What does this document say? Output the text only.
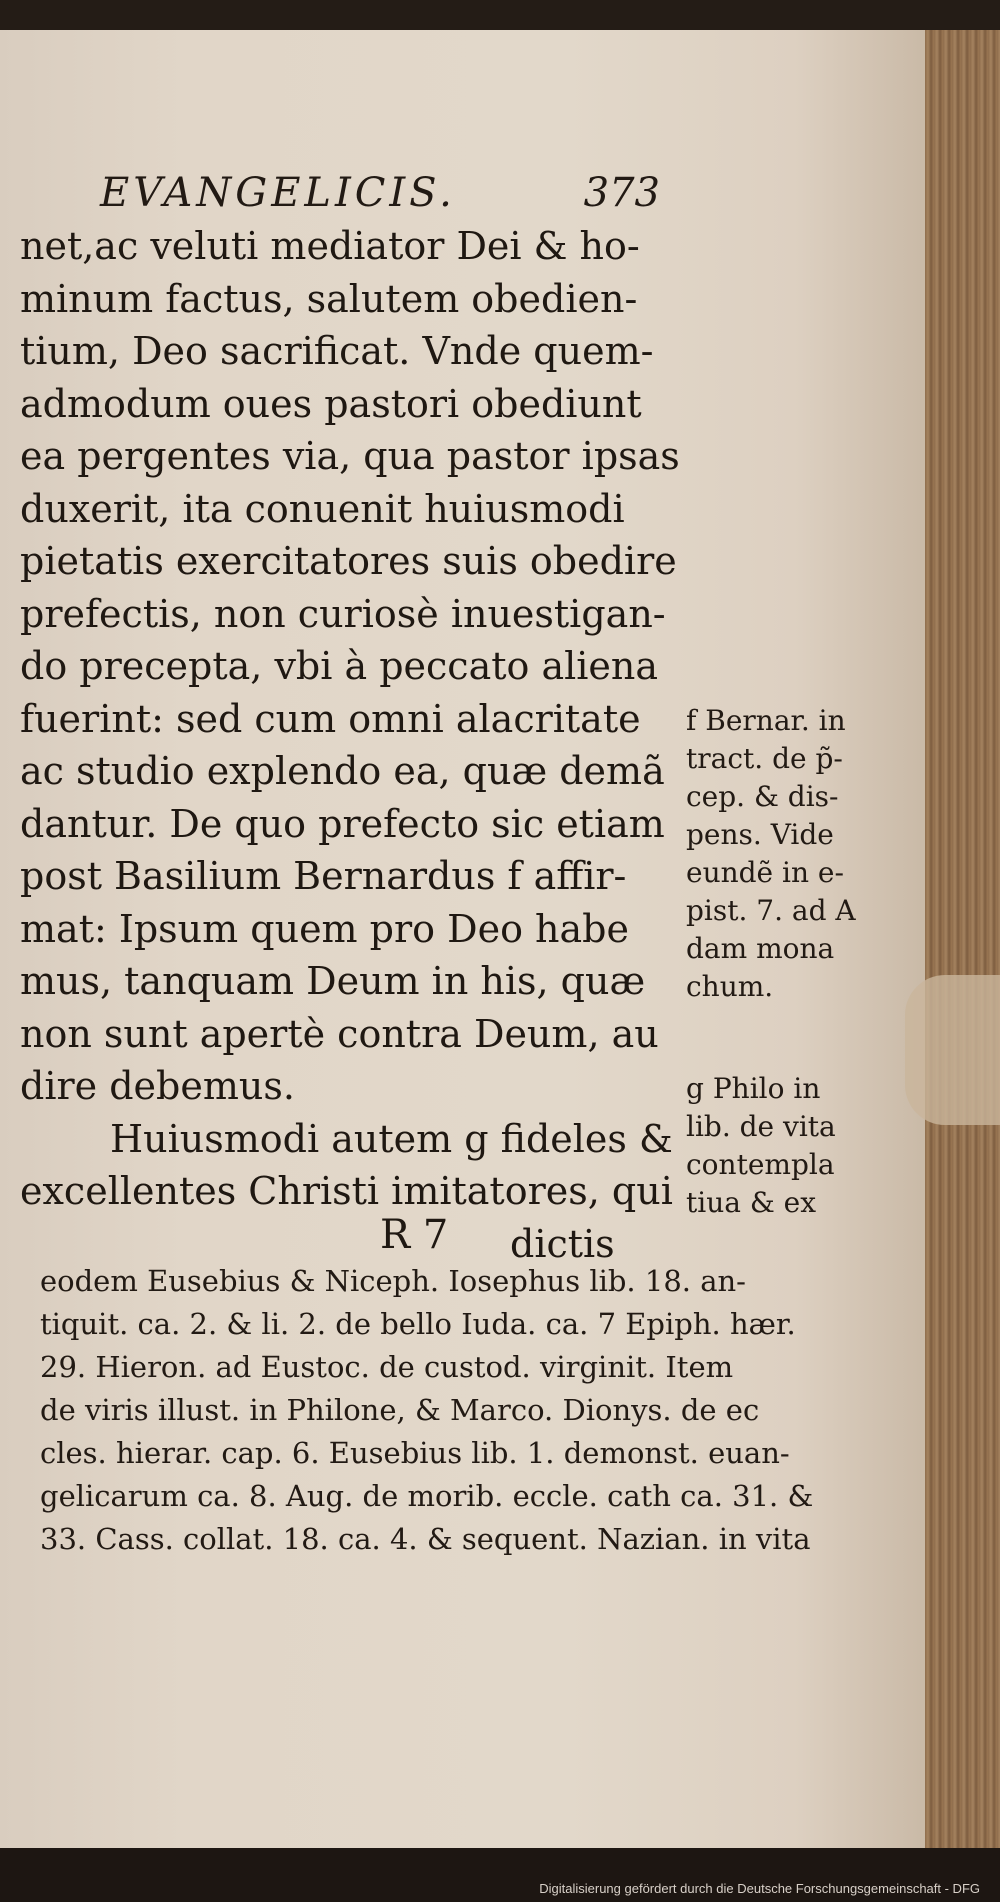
EVANGELICIS.	373
net,ac veluti mediator Dei & ho-
minum factus, salutem obedien-
tium, Deo sacrificat. Vnde quem-
admodum oues pastori obediunt
ea pergentes via, qua pastor ipsas
duxerit, ita conuenit huiusmodi
pietatis exercitatores suis obedire
prefectis, non curiosè inuestigan-
do precepta, vbi à peccato aliena
fuerint: sed cum omni alacritate
ac studio explendo ea, quæ demã
dantur. De quo prefecto sic etiam
post Basilium Bernardus f affir-
mat: Ipsum quem pro Deo habe
mus, tanquam Deum in his, quæ
non sunt apertè contra Deum, au
dire debemus.
Huiusmodi autem g fideles &
excellentes Christi imitatores, qui
dictis
R 7
f Bernar. in
tract. de p̃-
cep. & dis-
pens. Vide
eundẽ in e-
pist. 7. ad A
dam mona
chum.
g Philo in
lib. de vita
contempla
tiua & ex
eodem Eusebius & Niceph. Iosephus lib. 18. an-
tiquit. ca. 2. & li. 2. de bello Iuda. ca. 7 Epiph. hær.
29. Hieron. ad Eustoc. de custod. virginit. Item
de viris illust. in Philone, & Marco. Dionys. de ec
cles. hierar. cap. 6. Eusebius lib. 1. demonst. euan-
gelicarum ca. 8. Aug. de morib. eccle. cath ca. 31. &
33. Cass. collat. 18. ca. 4. & sequent. Nazian. in vita
Digitalisierung gefördert durch die Deutsche Forschungsgemeinschaft - DFG
